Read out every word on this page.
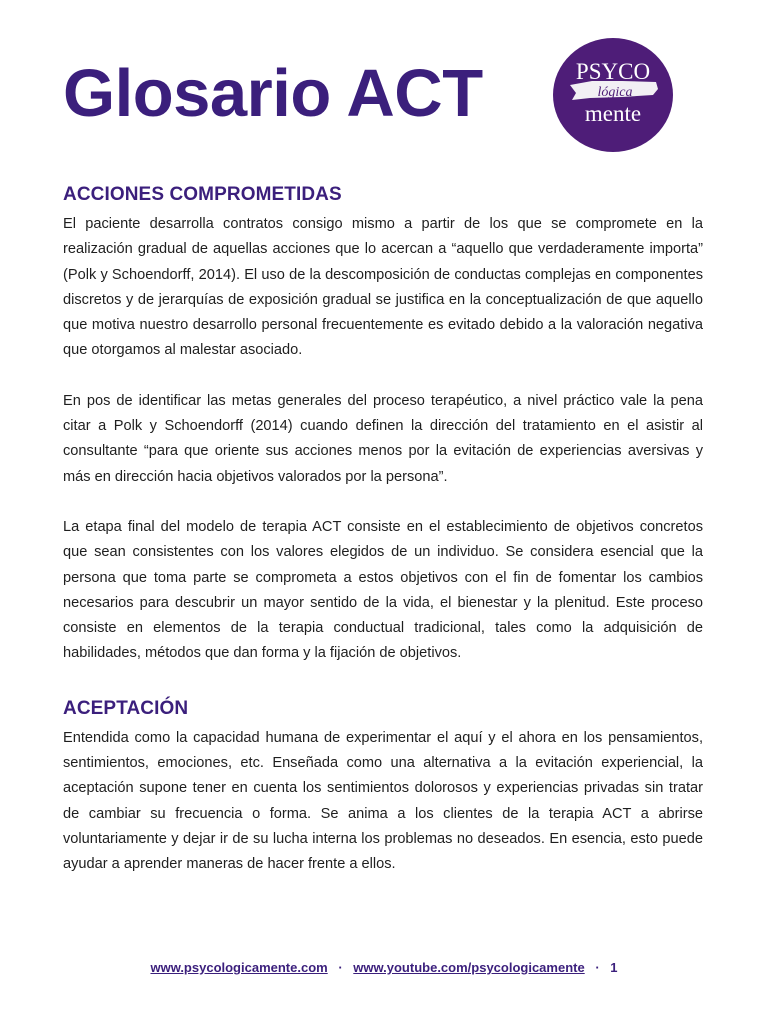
Glosario ACT	PSYCO
lógica
mente
ACCIONES COMPROMETIDAS

El paciente desarrolla contratos consigo mismo a partir de los que se compromete en la realización gradual de aquellas acciones que lo acercan a “aquello que verdaderamente importa” (Polk y Schoendorff, 2014). El uso de la descomposición de conductas complejas en componentes discretos y de jerarquías de exposición gradual se justifica en la conceptualización de que aquello que motiva nuestro desarrollo personal frecuentemente es evitado debido a la valoración negativa que otorgamos al malestar asociado.

En pos de identificar las metas generales del proceso terapéutico, a nivel práctico vale la pena citar a Polk y Schoendorff (2014) cuando definen la dirección del tratamiento en el asistir al consultante “para que oriente sus acciones menos por la evitación de experiencias aversivas y más en dirección hacia objetivos valorados por la persona”.

La etapa final del modelo de terapia ACT consiste en el establecimiento de objetivos concretos que sean consistentes con los valores elegidos de un individuo. Se considera esencial que la persona que toma parte se comprometa a estos objetivos con el fin de fomentar los cambios necesarios para descubrir un mayor sentido de la vida, el bienestar y la plenitud. Este proceso consiste en elementos de la terapia conductual tradicional, tales como la adquisición de habilidades, métodos que dan forma y la fijación de objetivos.

ACEPTACIÓN

Entendida como la capacidad humana de experimentar el aquí y el ahora en los pensamientos, sentimientos, emociones, etc. Enseñada como una alternativa a la evitación experiencial, la aceptación supone tener en cuenta los sentimientos dolorosos y experiencias privadas sin tratar de cambiar su frecuencia o forma. Se anima a los clientes de la terapia ACT a abrirse voluntariamente y dejar ir de su lucha interna los problemas no deseados. En esencia, esto puede ayudar a aprender maneras de hacer frente a ellos.

www.psycologicamente.com · www.youtube.com/psycologicamente · 1
